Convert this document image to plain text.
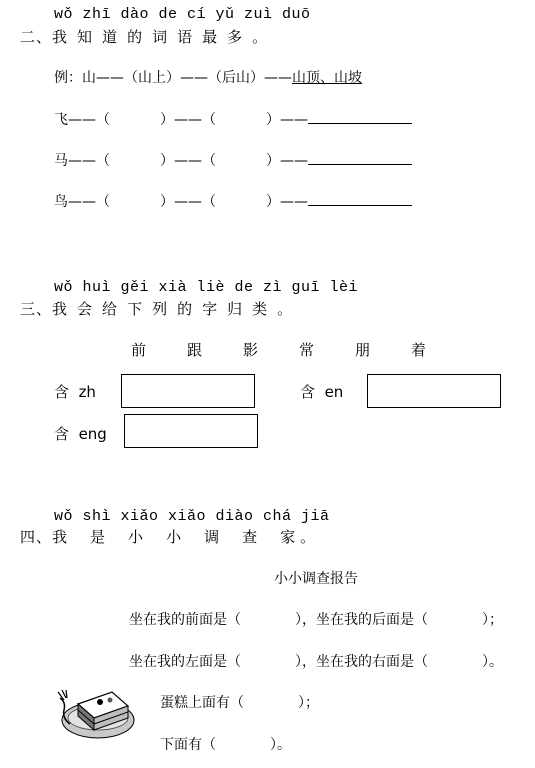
wǒ zhī dào de cí yǔ zuì duō
二、我 知 道 的 词 语 最 多 。
例：山——（山上）——（后山）——山顶、山坡
飞——（	）——（	）——
马——（	）——（	）——
鸟——（	）——（	）——
wǒ huì gěi xià liè de zì guī lèi
三、我 会 给 下 列 的 字 归 类 。
前	跟	影	常	朋	着
含 zh	含 en
含 eng
wǒ shì xiǎo xiǎo diào chá jiā
四、我 是 小 小 调 查 家 。
小小调查报告
坐在我的前面是（	），坐在我的后面是（	）；
坐在我的左面是（	），坐在我的右面是（	）。
蛋糕上面有（	）；
下面有（	）。
